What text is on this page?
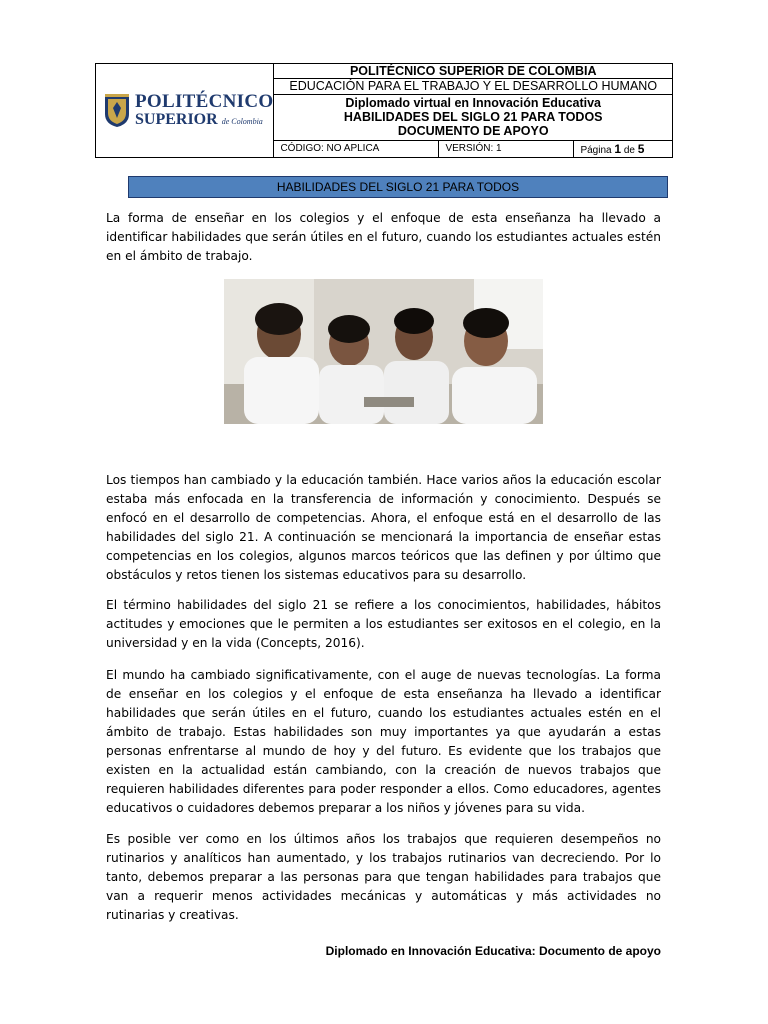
POLITÉCNICO
SUPERIOR de Colombia	POLITÉCNICO SUPERIOR DE COLOMBIA		
	EDUCACIÓN PARA EL TRABAJO Y EL DESARROLLO HUMANO		
	Diplomado virtual en Innovación Educativa
HABILIDADES DEL SIGLO 21 PARA TODOS
DOCUMENTO DE APOYO		
	CÓDIGO: NO APLICA	VERSIÓN: 1	Página 1 de 5
HABILIDADES DEL SIGLO 21 PARA TODOS
La forma de enseñar en los colegios y el enfoque de esta enseñanza ha llevado a identificar habilidades que serán útiles en el futuro, cuando los estudiantes actuales estén en el ámbito de trabajo.
Los tiempos han cambiado y la educación también. Hace varios años la educación escolar estaba más enfocada en la transferencia de información y conocimiento. Después se enfocó en el desarrollo de competencias. Ahora, el enfoque está en el desarrollo de las habilidades del siglo 21. A continuación se mencionará la importancia de enseñar estas competencias en los colegios, algunos marcos teóricos que las definen y por último que obstáculos y retos tienen los sistemas educativos para su desarrollo.
El término habilidades del siglo 21 se refiere a los conocimientos, habilidades, hábitos actitudes y emociones que le permiten a los estudiantes ser exitosos en el colegio, en la universidad y en la vida (Concepts, 2016).
El mundo ha cambiado significativamente, con el auge de nuevas tecnologías. La forma de enseñar en los colegios y el enfoque de esta enseñanza ha llevado a identificar habilidades que serán útiles en el futuro, cuando los estudiantes actuales estén en el ámbito de trabajo. Estas habilidades son muy importantes ya que ayudarán a estas personas enfrentarse al mundo de hoy y del futuro. Es evidente que los trabajos que existen en la actualidad están cambiando, con la creación de nuevos trabajos que requieren habilidades diferentes para poder responder a ellos. Como educadores, agentes educativos o cuidadores debemos preparar a los niños y jóvenes para su vida.
Es posible ver como en los últimos años los trabajos que requieren desempeños no rutinarios y analíticos han aumentado, y los trabajos rutinarios van decreciendo. Por lo tanto, debemos preparar a las personas para que tengan habilidades para trabajos que van a requerir menos actividades mecánicas y automáticas y más actividades no rutinarias y creativas.
Diplomado en Innovación Educativa: Documento de apoyo
